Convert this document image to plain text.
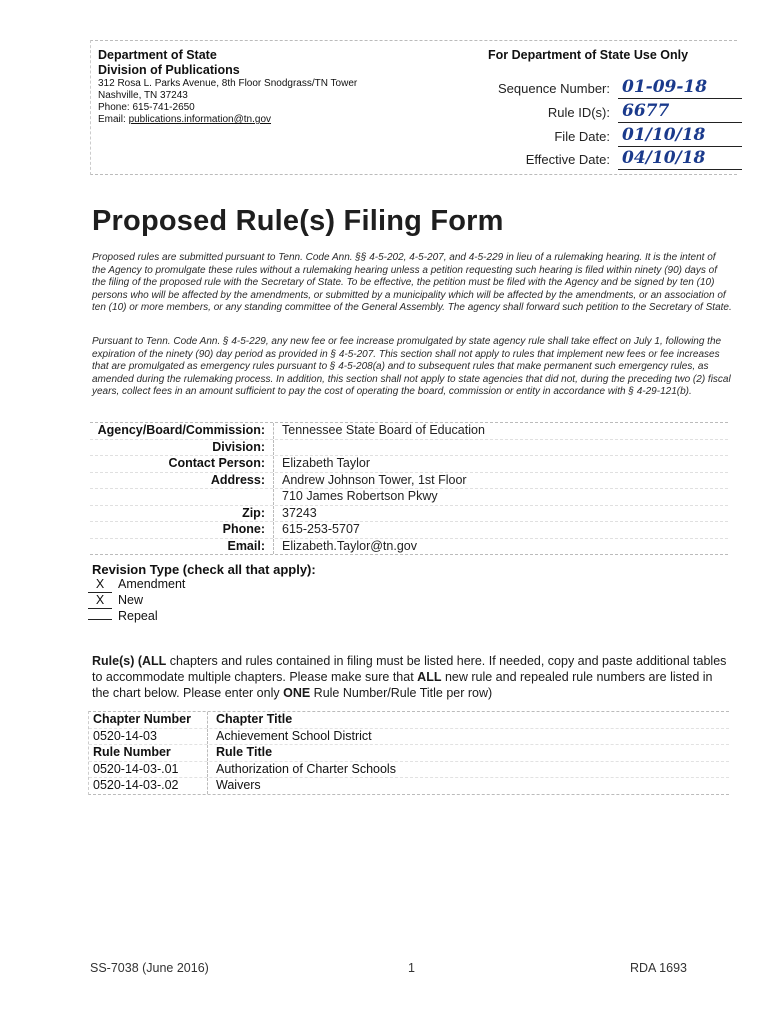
Department of State
Division of Publications
312 Rosa L. Parks Avenue, 8th Floor Snodgrass/TN Tower
Nashville, TN 37243
Phone: 615-741-2650
Email: publications.information@tn.gov
For Department of State Use Only
Sequence Number: 01-09-18
Rule ID(s): 6677
File Date: 01/10/18
Effective Date: 04/10/18
Proposed Rule(s) Filing Form
Proposed rules are submitted pursuant to Tenn. Code Ann. §§ 4-5-202, 4-5-207, and 4-5-229 in lieu of a rulemaking hearing. It is the intent of the Agency to promulgate these rules without a rulemaking hearing unless a petition requesting such hearing is filed within ninety (90) days of the filing of the proposed rule with the Secretary of State. To be effective, the petition must be filed with the Agency and be signed by ten (10) persons who will be affected by the amendments, or submitted by a municipality which will be affected by the amendments, or an association of ten (10) or more members, or any standing committee of the General Assembly. The agency shall forward such petition to the Secretary of State.
Pursuant to Tenn. Code Ann. § 4-5-229, any new fee or fee increase promulgated by state agency rule shall take effect on July 1, following the expiration of the ninety (90) day period as provided in § 4-5-207. This section shall not apply to rules that implement new fees or fee increases that are promulgated as emergency rules pursuant to § 4-5-208(a) and to subsequent rules that make permanent such emergency rules, as amended during the rulemaking process. In addition, this section shall not apply to state agencies that did not, during the preceding two (2) fiscal years, collect fees in an amount sufficient to pay the cost of operating the board, commission or entity in accordance with § 4-29-121(b).
Agency/Board/Commission:	Tennessee State Board of Education
Division:
Contact Person:	Elizabeth Taylor
Address:	Andrew Johnson Tower, 1st Floor
710 James Robertson Pkwy
Zip:	37243
Phone:	615-253-5707
Email:	Elizabeth.Taylor@tn.gov
Revision Type (check all that apply):
X Amendment
X New
Repeal
Rule(s) (ALL chapters and rules contained in filing must be listed here. If needed, copy and paste additional tables to accommodate multiple chapters. Please make sure that ALL new rule and repealed rule numbers are listed in the chart below. Please enter only ONE Rule Number/Rule Title per row)
Chapter Number	Chapter Title
0520-14-03	Achievement School District
Rule Number	Rule Title
0520-14-03-.01	Authorization of Charter Schools
0520-14-03-.02	Waivers
SS-7038 (June 2016)	1	RDA 1693
